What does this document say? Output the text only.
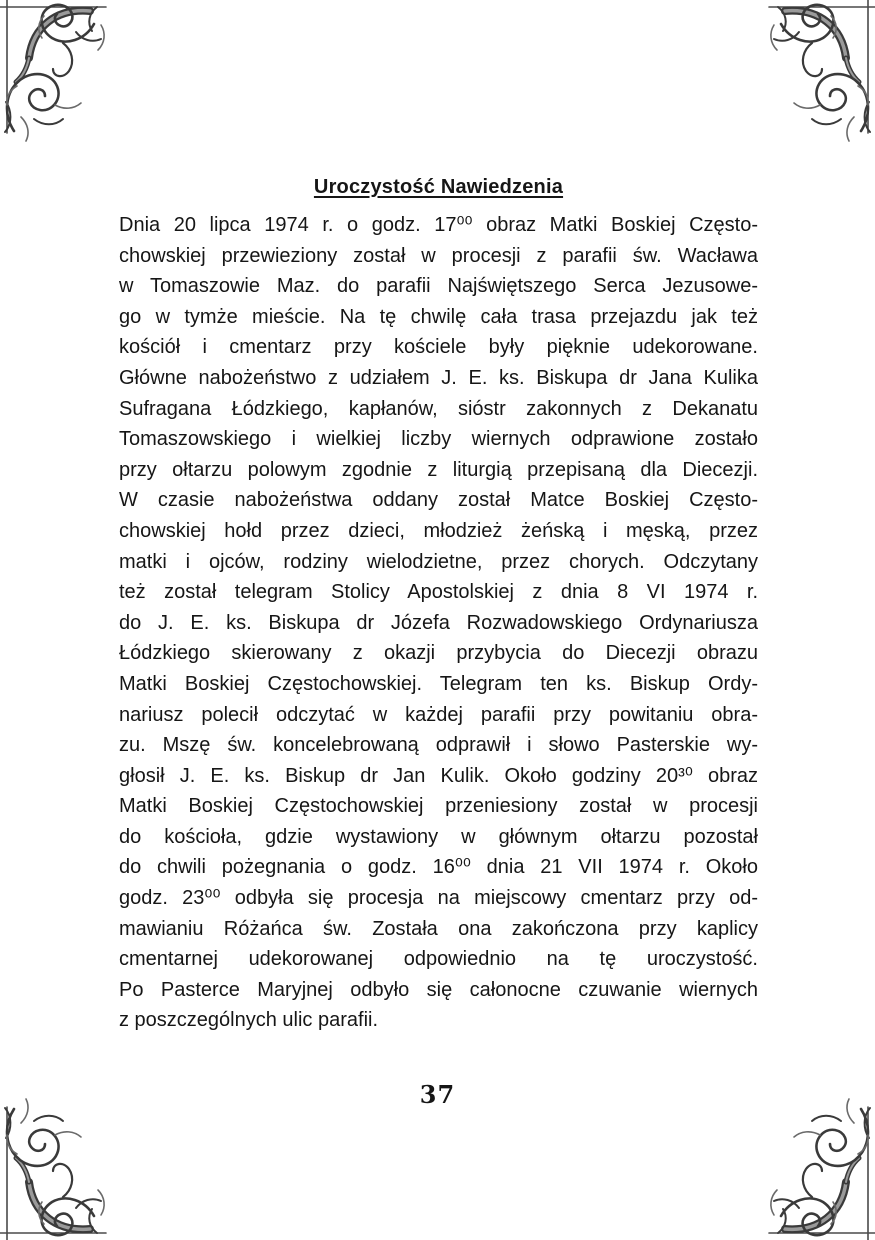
Uroczystość Nawiedzenia
Dnia 20 lipca 1974 r. o godz. 17⁰⁰ obraz Matki Boskiej Często-
chowskiej przewieziony został w procesji z parafii św. Wacława
w Tomaszowie Maz. do parafii Najświętszego Serca Jezusowe-
go w tymże mieście. Na tę chwilę cała trasa przejazdu jak też
kościół i cmentarz przy kościele były pięknie udekorowane.
Główne nabożeństwo z udziałem J. E. ks. Biskupa dr Jana Kulika
Sufragana Łódzkiego, kapłanów, sióstr zakonnych z Dekanatu
Tomaszowskiego i wielkiej liczby wiernych odprawione zostało
przy ołtarzu polowym zgodnie z liturgią przepisaną dla Diecezji.
W czasie nabożeństwa oddany został Matce Boskiej Często-
chowskiej hołd przez dzieci, młodzież żeńską i męską, przez
matki i ojców, rodziny wielodzietne, przez chorych. Odczytany
też został telegram Stolicy Apostolskiej z dnia 8 VI 1974 r.
do J. E. ks. Biskupa dr Józefa Rozwadowskiego Ordynariusza
Łódzkiego skierowany z okazji przybycia do Diecezji obrazu
Matki Boskiej Częstochowskiej. Telegram ten ks. Biskup Ordy-
nariusz polecił odczytać w każdej parafii przy powitaniu obra-
zu. Mszę św. koncelebrowaną odprawił i słowo Pasterskie wy-
głosił J. E. ks. Biskup dr Jan Kulik. Około godziny 20³⁰ obraz
Matki Boskiej Częstochowskiej przeniesiony został w procesji
do kościoła, gdzie wystawiony w głównym ołtarzu pozostał
do chwili pożegnania o godz. 16⁰⁰ dnia 21 VII 1974 r. Około
godz. 23⁰⁰ odbyła się procesja na miejscowy cmentarz przy od-
mawianiu Różańca św. Została ona zakończona przy kaplicy
cmentarnej udekorowanej odpowiednio na tę uroczystość.
Po Pasterce Maryjnej odbyło się całonocne czuwanie wiernych
z poszczególnych ulic parafii.
37
